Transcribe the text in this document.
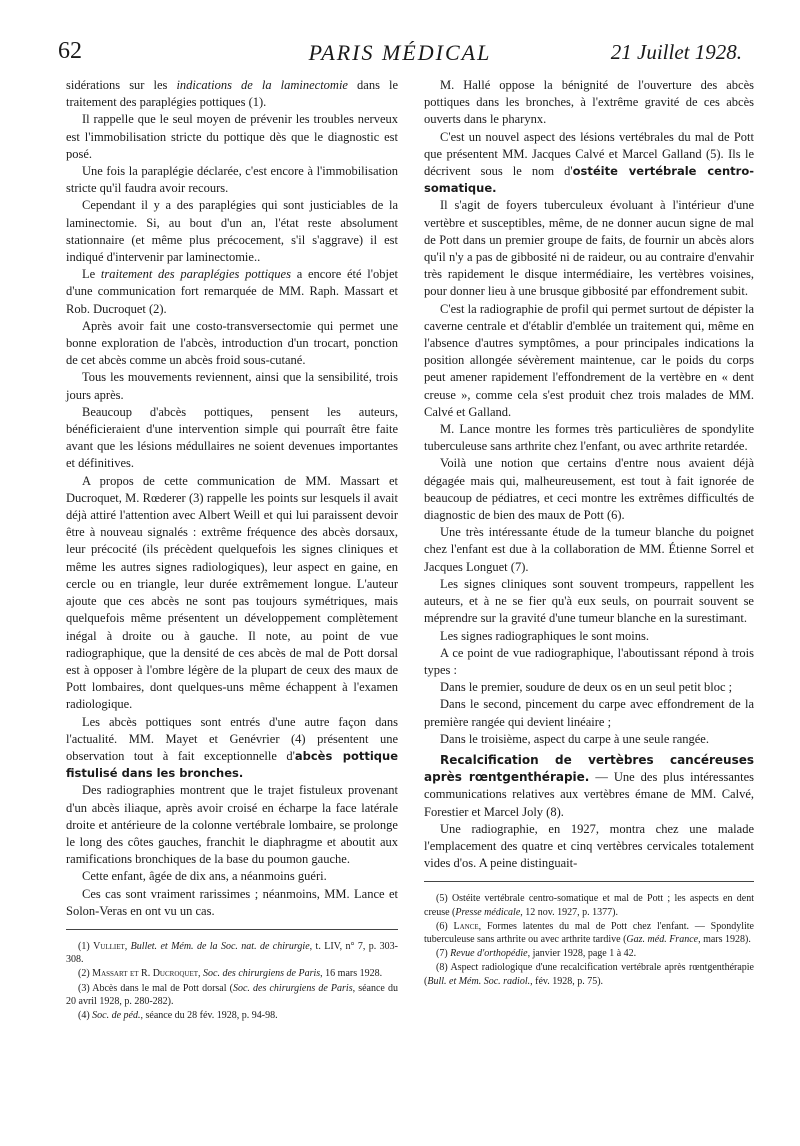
62	PARIS MÉDICAL	21 Juillet 1928.

sidérations sur les indications de la laminectomie dans le traitement des paraplégies pottiques (1).

Il rappelle que le seul moyen de prévenir les troubles nerveux est l'immobilisation stricte du pottique dès que le diagnostic est posé.

Une fois la paraplégie déclarée, c'est encore à l'immobilisation stricte qu'il faudra avoir recours.

Cependant il y a des paraplégies qui sont justiciables de la laminectomie. Si, au bout d'un an, l'état reste absolument stationnaire (et même plus précocement, s'il s'aggrave) il est indiqué d'intervenir par laminectomie..

Le traitement des paraplégies pottiques a encore été l'objet d'une communication fort remarquée de MM. Raph. Massart et Rob. Ducroquet (2).

Après avoir fait une costo-transversectomie qui permet une bonne exploration de l'abcès, introduction d'un trocart, ponction de cet abcès comme un abcès froid sous-cutané.

Tous les mouvements reviennent, ainsi que la sensibilité, trois jours après.

Beaucoup d'abcès pottiques, pensent les auteurs, bénéficieraient d'une intervention simple qui pourraît être faite avant que les lésions médullaires ne soient devenues importantes et définitives.

A propos de cette communication de MM. Massart et Ducroquet, M. Rœderer (3) rappelle les points sur lesquels il avait déjà attiré l'attention avec Albert Weill et qui lui paraissent devoir être à nouveau signalés : extrême fréquence des abcès dorsaux, leur précocité (ils précèdent quelquefois les signes cliniques et même les autres signes radiologiques), leur aspect en gaine, en cercle ou en triangle, leur durée extrêmement longue. L'auteur ajoute que ces abcès ne sont pas toujours symétriques, mais quelquefois même présentent un développement complètement inégal à droite ou à gauche. Il note, au point de vue radiographique, que la densité de ces abcès de mal de Pott dorsal est à opposer à l'ombre légère de la plupart de ceux des maux de Pott lombaires, dont quelques-uns même échappent à l'examen radiologique.

Les abcès pottiques sont entrés d'une autre façon dans l'actualité. MM. Mayet et Genévrier (4) présentent une observation tout à fait exceptionnelle d'abcès pottique fistulisé dans les bronches.

Des radiographies montrent que le trajet fistuleux provenant d'un abcès iliaque, après avoir croisé en écharpe la face latérale droite et antérieure de la colonne vertébrale lombaire, se prolonge le long des côtes gauches, franchit le diaphragme et aboutit aux ramifications bronchiques de la base du poumon gauche.

Cette enfant, âgée de dix ans, a néanmoins guéri.

Ces cas sont vraiment rarissimes ; néanmoins, MM. Lance et Solon-Veras en ont vu un cas.

(1) Vulliet, Bullet. et Mém. de la Soc. nat. de chirurgie, t. LIV, n° 7, p. 303-308.

(2) Massart et R. Ducroquet, Soc. des chirurgiens de Paris, 16 mars 1928.

(3) Abcès dans le mal de Pott dorsal (Soc. des chirurgiens de Paris, séance du 20 avril 1928, p. 280-282).

(4) Soc. de péd., séance du 28 fév. 1928, p. 94-98.

M. Hallé oppose la bénignité de l'ouverture des abcès pottiques dans les bronches, à l'extrême gravité de ces abcès ouverts dans le pharynx.

C'est un nouvel aspect des lésions vertébrales du mal de Pott que présentent MM. Jacques Calvé et Marcel Galland (5). Ils le décrivent sous le nom d'ostéite vertébrale centro-somatique.

Il s'agit de foyers tuberculeux évoluant à l'intérieur d'une vertèbre et susceptibles, même, de ne donner aucun signe de mal de Pott dans un premier groupe de faits, de fournir un abcès alors qu'il n'y a pas de gibbosité ni de raideur, ou au contraire d'envahir très rapidement le disque intermédiaire, les vertèbres voisines, pour donner lieu à une brusque gibbosité par effondrement subit.

C'est la radiographie de profil qui permet surtout de dépister la caverne centrale et d'établir d'emblée un traitement qui, même en l'absence d'autres symptômes, a pour principales indications la position allongée sévèrement maintenue, car le poids du corps peut amener rapidement l'effondrement de la vertèbre en « dent creuse », comme cela s'est produit chez trois malades de MM. Calvé et Galland.

M. Lance montre les formes très particulières de spondylite tuberculeuse sans arthrite chez l'enfant, ou avec arthrite retardée.

Voilà une notion que certains d'entre nous avaient déjà dégagée mais qui, malheureusement, est tout à fait ignorée de beaucoup de pédiatres, et ceci montre les extrêmes difficultés de diagnostic de bien des maux de Pott (6).

Une très intéressante étude de la tumeur blanche du poignet chez l'enfant est due à la collaboration de MM. Étienne Sorrel et Jacques Longuet (7).

Les signes cliniques sont souvent trompeurs, rappellent les auteurs, et à ne se fier qu'à eux seuls, on pourrait souvent se méprendre sur la gravité d'une tumeur blanche en la surestimant.

Les signes radiographiques le sont moins.

A ce point de vue radiographique, l'aboutissant répond à trois types :

Dans le premier, soudure de deux os en un seul petit bloc ;

Dans le second, pincement du carpe avec effondrement de la première rangée qui devient linéaire ;

Dans le troisième, aspect du carpe à une seule rangée.

Recalcification de vertèbres cancéreuses après rœntgenthérapie. — Une des plus intéressantes communications relatives aux vertèbres émane de MM. Calvé, Forestier et Marcel Joly (8).

Une radiographie, en 1927, montra chez une malade l'emplacement des quatre et cinq vertèbres cervicales totalement vides d'os. A peine distinguait-

(5) Ostéite vertébrale centro-somatique et mal de Pott ; les aspects en dent creuse (Presse médicale, 12 nov. 1927, p. 1377).

(6) Lance, Formes latentes du mal de Pott chez l'enfant. — Spondylite tuberculeuse sans arthrite ou avec arthrite tardive (Gaz. méd. France, mars 1928).

(7) Revue d'orthopédie, janvier 1928, page 1 à 42.

(8) Aspect radiologique d'une recalcification vertébrale après rœntgenthérapie (Bull. et Mém. Soc. radiol., fév. 1928, p. 75).
